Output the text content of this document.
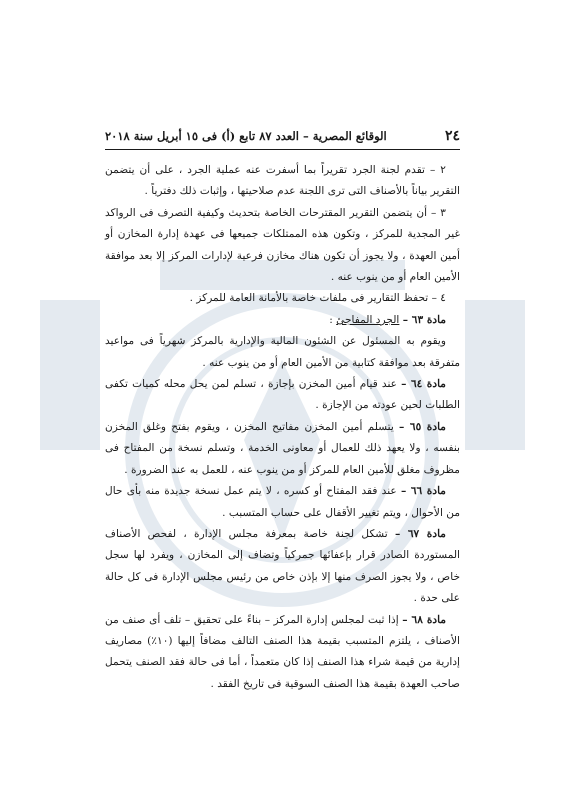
٢٤
الوقائع المصرية – العدد ٨٧ تابع (أ) فى ١٥ أبريل سنة ٢٠١٨

٢ – تقدم لجنة الجرد تقريراً بما أسفرت عنه عملية الجرد ، على أن يتضمن التقرير بياناً بالأصناف التى ترى اللجنة عدم صلاحيتها ، وإثبات ذلك دفترياً .

٣ – أن يتضمن التقرير المقترحات الخاصة بتحديث وكيفية التصرف فى الرواكد غير المجدية للمركز ، وتكون هذه الممتلكات جميعها فى عهدة إدارة المخازن أو أمين العهدة ، ولا يجوز أن تكون هناك مخازن فرعية لإدارات المركز إلا بعد موافقة الأمين العام أو من ينوب عنه .

٤ – تحفظ التقارير فى ملفات خاصة بالأمانة العامة للمركز .

مادة ٦٣ – الجرد المفاجئ :

ويقوم به المسئول عن الشئون المالية والإدارية بالمركز شهرياً فى مواعيد متفرقة بعد موافقة كتابية من الأمين العام أو من ينوب عنه .

مادة ٦٤ – عند قيام أمين المخزن بإجازة ، تسلم لمن يحل محله كميات تكفى الطلبات لحين عودته من الإجازة .

مادة ٦٥ – يتسلم أمين المخزن مفاتيح المخزن ، ويقوم بفتح وغلق المخزن بنفسه ، ولا يعهد ذلك للعمال أو معاونى الخدمة ، وتسلم نسخة من المفتاح فى مظروف مغلق للأمين العام للمركز أو من ينوب عنه ، للعمل به عند الضرورة .

مادة ٦٦ – عند فقد المفتاح أو كسره ، لا يتم عمل نسخة جديدة منه بأى حال من الأحوال ، ويتم تغيير الأقفال على حساب المتسبب .

مادة ٦٧ – تشكل لجنة خاصة بمعرفة مجلس الإدارة ، لفحص الأصناف المستوردة الصادر قرار بإعفائها جمركياً وتضاف إلى المخازن ، ويفرد لها سجل خاص ، ولا يجوز الصرف منها إلا بإذن خاص من رئيس مجلس الإدارة فى كل حالة على حدة .

مادة ٦٨ – إذا ثبت لمجلس إدارة المركز – بناءً على تحقيق – تلف أى صنف من الأصناف ، يلتزم المتسبب بقيمة هذا الصنف التالف مضافاً إليها (١٠٪) مصاريف إدارية من قيمة شراء هذا الصنف إذا كان متعمداً ، أما فى حالة فقد الصنف يتحمل صاحب العهدة بقيمة هذا الصنف السوقية فى تاريخ الفقد .
